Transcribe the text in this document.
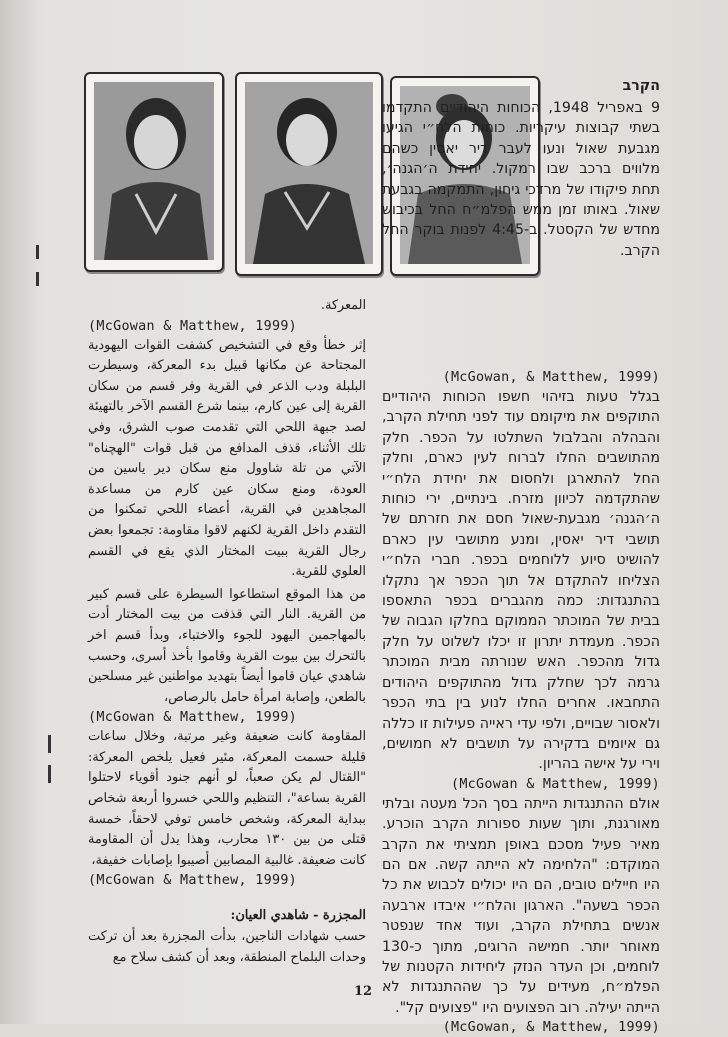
הקרב

9 באפריל 1948, הכוחות היהודיים התקדמו בשתי קבוצות עיקריות. כוחות הלח״י הגיעו מגבעת שאול ונעו לעבר דיר יאסין כשהם מלווים ברכב שבו רמקול. יחידת ה׳הגנה׳, תחת פיקודו של מרדכי גיחון, התמקמה בגבעת שאול. באותו זמן ממש הפלמ״ח החל בכיבוש מחדש של הקסטל. ב-4:45 לפנות בוקר החל הקרב.

المعركة.

(McGowan & Matthew, 1999)

إثر خطأ وقع في التشخيص كشفت القوات اليهودية المجتاحة عن مكانها قبيل بدء المعركة، وسيطرت البلبلة ودب الذعر في القرية وفر قسم من سكان القرية إلى عين كارم، بينما شرع القسم الآخر بالتهيئة لصد جبهة اللحي التي تقدمت صوب الشرق، وفي تلك الأثناء، قذف المدافع من قبل قوات "الهچناه" الآتي من تلة شاوول منع سكان دير ياسين من العودة، ومنع سكان عين كارم من مساعدة المجاهدين في القرية، أعضاء اللحي تمكنوا من التقدم داخل القرية لكنهم لاقوا مقاومة: تجمعوا بعض رجال القرية ببيت المختار الذي يقع في القسم العلوي للقرية.

من هذا الموقع استطاعوا السيطرة على قسم كبير من القرية. النار التي قذفت من بيت المختار أدت بالمهاجمين اليهود للجوء والاختباء، وبدأ قسم اخر بالتحرك بين بيوت القرية وقاموا بأخذ أسرى، وحسب شاهدي عيان قاموا أيضاً بتهديد مواطنين غير مسلحين بالطعن، وإصابة امرأة حامل بالرصاص،

(McGowan & Matthew, 1999)

المقاومة كانت ضعيفة وغير مرتبة، وخلال ساعات قليلة حسمت المعركة، مئير فعيل يلخص المعركة: "القتال لم يكن صعباً، لو أنهم جنود أقوياء لاحتلوا القرية بساعة"، التنظيم واللحي خسروا أربعة شخاص ببداية المعركة، وشخص خامس توفي لاحقاً، خمسة قتلى من بين ١٣٠ محارب، وهذا يدل أن المقاومة كانت ضعيفة. غالبية المصابين أصيبوا بإصابات خفيفة،

(McGowan & Matthew, 1999)

المجزرة - شاهدي العيان:

حسب شهادات الناجين، بدأت المجزرة بعد أن تركت وحدات البلماح المنطقة، وبعد أن كشف سلاح مع

(McGowan, & Matthew, 1999)

בגלל טעות בזיהוי חשפו הכוחות היהודיים התוקפים את מיקומם עוד לפני תחילת הקרב, והבהלה והבלבול השתלטו על הכפר. חלק מהתושבים החלו לברוח לעין כארם, וחלק החל להתארגן ולחסום את יחידת הלח״י שהתקדמה לכיוון מזרח. בינתיים, ירי כוחות ה׳הגנה׳ מגבעת-שאול חסם את חזרתם של תושבי דיר יאסין, ומנע מתושבי עין כארם להושיט סיוע ללוחמים בכפר. חברי הלח״י הצליחו להתקדם אל תוך הכפר אך נתקלו בהתנגדות: כמה מהגברים בכפר התאספו בבית של המוכתר הממוקם בחלקו הגבוה של הכפר. מעמדת יתרון זו יכלו לשלוט על חלק גדול מהכפר. האש שנורתה מבית המוכתר גרמה לכך שחלק גדול מהתוקפים היהודים התחבאו. אחרים החלו לנוע בין בתי הכפר ולאסור שבויים, ולפי עדי ראייה פעילות זו כללה גם איומים בדקירה על תושבים לא חמושים, וירי על אישה בהריון.

(McGowan & Matthew, 1999)

אולם ההתנגדות הייתה בסך הכל מעטה ובלתי מאורגנת, ותוך שעות ספורות הקרב הוכרע. מאיר פעיל מסכם באופן תמציתי את הקרב המוקדם: "הלחימה לא הייתה קשה. אם הם היו חיילים טובים, הם היו יכולים לכבוש את כל הכפר בשעה". הארגון והלח״י איבדו ארבעה אנשים בתחילת הקרב, ועוד אחד שנפטר מאוחר יותר. חמישה הרוגים, מתוך כ-130 לוחמים, וכן העדר הנזק ליחידות הקטנות של הפלמ״ח, מעידים על כך שההתנגדות לא הייתה יעילה. רוב הפצועים היו "פצועים קל".

(McGowan, & Matthew, 1999)

12
